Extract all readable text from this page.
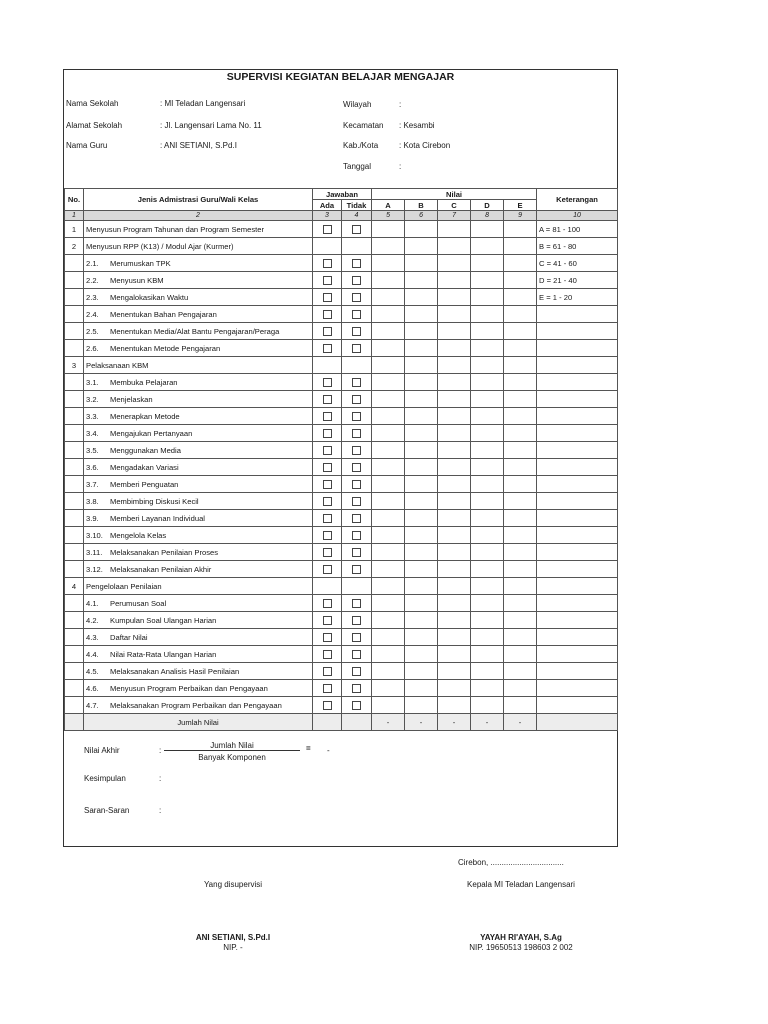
SUPERVISI KEGIATAN BELAJAR MENGAJAR
Nama Sekolah	: MI Teladan Langensari
Alamat Sekolah	: Jl. Langensari Lama No. 11
Nama Guru	: ANI SETIANI, S.Pd.I
Wilayah	:
Kecamatan : Kesambi
Kab./Kota	: Kota Cirebon
Tanggal	:
No.	Jenis Admistrasi Guru/Wali Kelas	Jawaban		Nilai					Keterangan
		Ada	Tidak	A	B	C	D	E	
1	2	3	4	5	6	7	8	9	10
1	Menyusun Program Tahunan dan Program Semester								A = 81 - 100
2	Menyusun RPP (K13) / Modul Ajar (Kurmer)								B = 61 - 80
	2.1. Merumuskan TPK								C = 41 - 60
	2.2. Menyusun KBM								D = 21 - 40
	2.3. Mengalokasikan Waktu								E = 1 - 20
	2.4. Menentukan Bahan Pengajaran								
	2.5. Menentukan Media/Alat Bantu Pengajaran/Peraga								
	2.6. Menentukan Metode Pengajaran								
3	Pelaksanaan KBM								
	3.1. Membuka Pelajaran								
	3.2. Menjelaskan								
	3.3. Menerapkan Metode								
	3.4. Mengajukan Pertanyaan								
	3.5. Menggunakan Media								
	3.6. Mengadakan Variasi								
	3.7. Memberi Penguatan								
	3.8. Membimbing Diskusi Kecil								
	3.9. Memberi Layanan Individual								
	3.10. Mengelola Kelas								
	3.11. Melaksanakan Penilaian Proses								
	3.12. Melaksanakan Penilaian Akhir								
4	Pengelolaan Penilaian								
	4.1. Perumusan Soal								
	4.2. Kumpulan Soal Ulangan Harian								
	4.3. Daftar Nilai								
	4.4. Nilai Rata-Rata Ulangan Harian								
	4.5. Melaksanakan Analisis Hasil Penilaian								
	4.6. Menyusun Program Perbaikan dan Pengayaan								
	4.7. Melaksanakan Program Perbaikan dan Pengayaan								
	Jumlah Nilai			-	-	-	-	-	
Nilai Akhir	:
Jumlah Nilai
Banyak Komponen
= -
Kesimpulan	:
Saran-Saran	:
Cirebon, .................................
Yang disupervisi	Kepala MI Teladan Langensari
ANI SETIANI, S.Pd.I
NIP. -
YAYAH RI'AYAH, S.Ag
NIP. 19650513 198603 2 002
